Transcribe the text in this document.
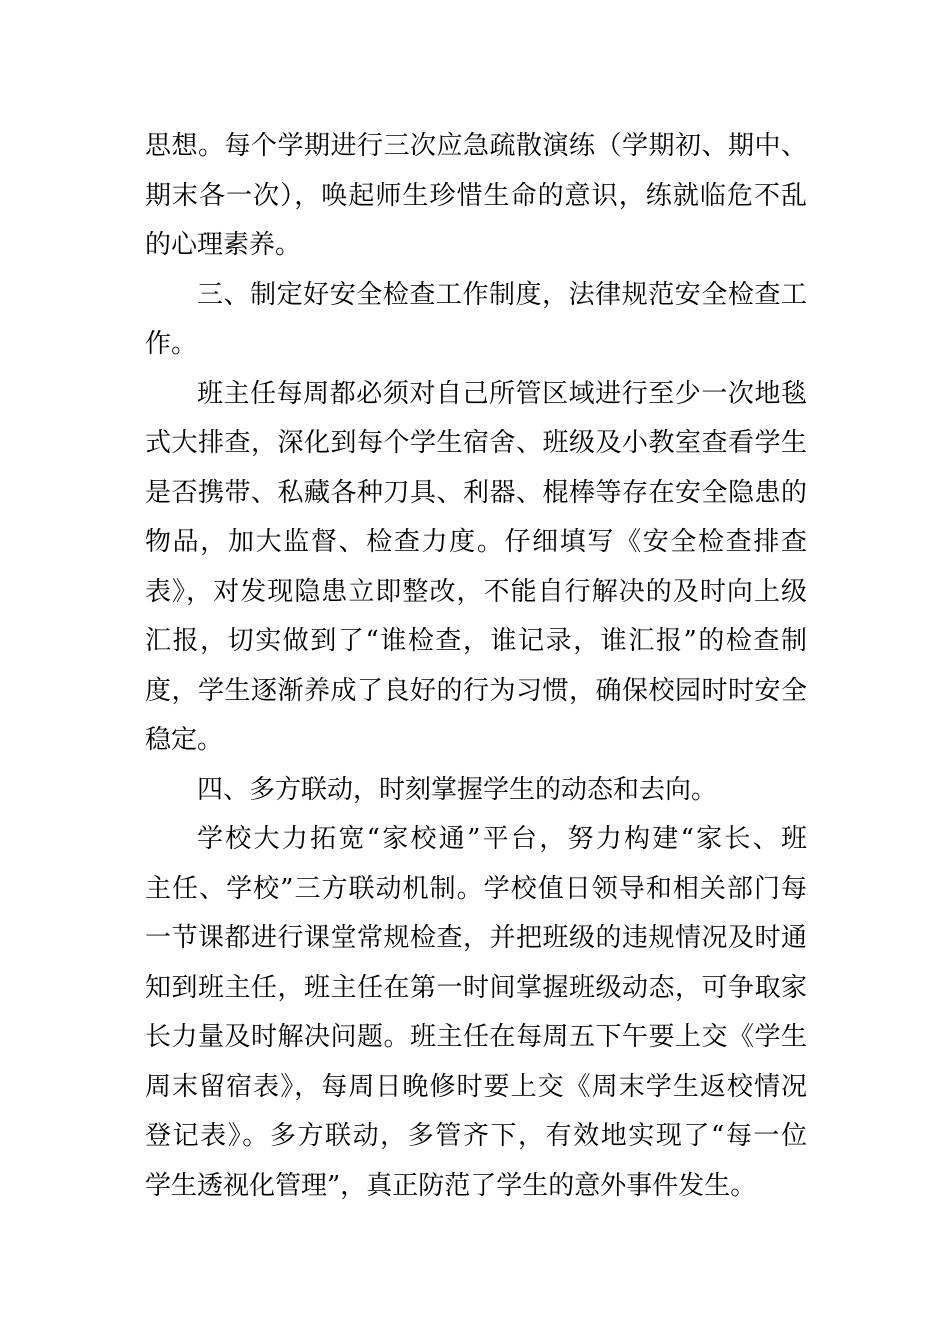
思想。每个学期进行三次应急疏散演练（学期初、期中、
期末各一次），唤起师生珍惜生命的意识，练就临危不乱
的心理素养。
三、制定好安全检查工作制度，法律规范安全检查工
作。
班主任每周都必须对自己所管区域进行至少一次地毯
式大排查，深化到每个学生宿舍、班级及小教室查看学生
是否携带、私藏各种刀具、利器、棍棒等存在安全隐患的
物品，加大监督、检查力度。仔细填写《安全检查排查
表》，对发现隐患立即整改，不能自行解决的及时向上级
汇报，切实做到了“谁检查，谁记录，谁汇报”的检查制
度，学生逐渐养成了良好的行为习惯，确保校园时时安全
稳定。
四、多方联动，时刻掌握学生的动态和去向。
学校大力拓宽“家校通”平台，努力构建“家长、班
主任、学校”三方联动机制。学校值日领导和相关部门每
一节课都进行课堂常规检查，并把班级的违规情况及时通
知到班主任，班主任在第一时间掌握班级动态，可争取家
长力量及时解决问题。班主任在每周五下午要上交《学生
周末留宿表》，每周日晚修时要上交《周末学生返校情况
登记表》。多方联动，多管齐下，有效地实现了“每一位
学生透视化管理”，真正防范了学生的意外事件发生。
